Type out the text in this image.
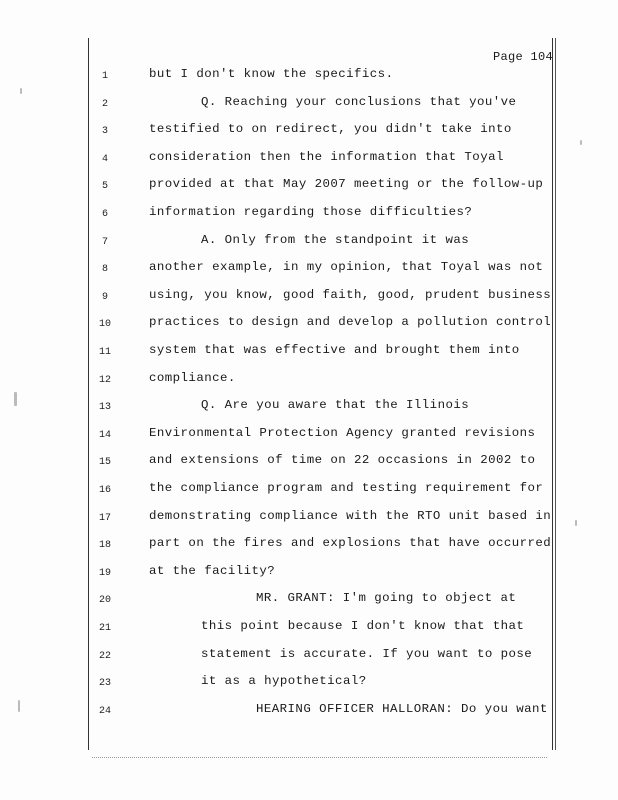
Page 104
1	but I don't know the specifics.
2	Q. Reaching your conclusions that you've
3	testified to on redirect, you didn't take into
4	consideration then the information that Toyal
5	provided at that May 2007 meeting or the follow-up
6	information regarding those difficulties?
7	A. Only from the standpoint it was
8	another example, in my opinion, that Toyal was not
9	using, you know, good faith, good, prudent business
10	practices to design and develop a pollution control
11	system that was effective and brought them into
12	compliance.
13	Q. Are you aware that the Illinois
14	Environmental Protection Agency granted revisions
15	and extensions of time on 22 occasions in 2002 to
16	the compliance program and testing requirement for
17	demonstrating compliance with the RTO unit based in
18	part on the fires and explosions that have occurred
19	at the facility?
20	MR. GRANT: I'm going to object at
21	this point because I don't know that that
22	statement is accurate. If you want to pose
23	it as a hypothetical?
24	HEARING OFFICER HALLORAN: Do you want
